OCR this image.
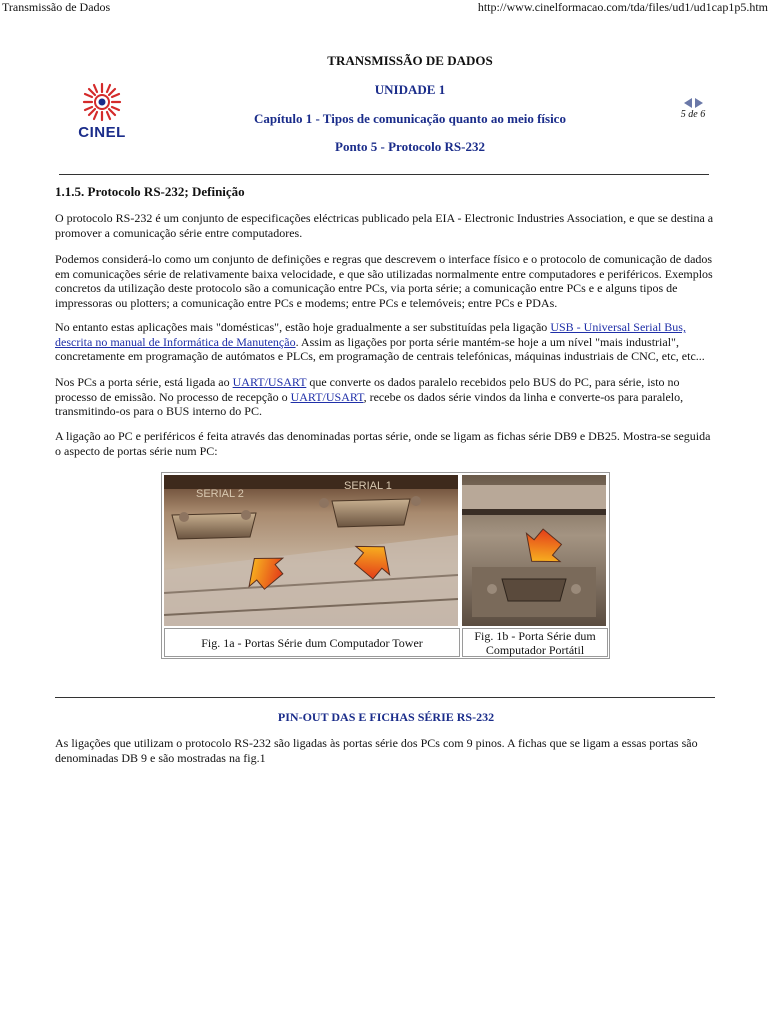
Transmissão de Dados	http://www.cinelformacao.com/tda/files/ud1/ud1cap1p5.htm
CINEL
TRANSMISSÃO DE DADOS
UNIDADE 1
Capítulo 1 - Tipos de comunicação quanto ao meio físico
Ponto 5 - Protocolo RS-232
5 de 6
1.1.5. Protocolo RS-232; Definição

O protocolo RS-232 é um conjunto de especificações eléctricas publicado pela EIA - Electronic Industries Association, e que se destina a promover a comunicação série entre computadores.

Podemos considerá-lo como um conjunto de definições e regras que descrevem o interface físico e o protocolo de comunicação de dados em comunicações série de relativamente baixa velocidade, e que são utilizadas normalmente entre computadores e periféricos. Exemplos concretos da utilização deste protocolo são a comunicação entre PCs, via porta série; a comunicação entre PCs e e alguns tipos de impressoras ou plotters; a comunicação entre PCs e modems; entre PCs e telemóveis; entre PCs e PDAs.

No entanto estas aplicações mais "domésticas", estão hoje gradualmente a ser substituídas pela ligação USB - Universal Serial Bus, descrita no manual de Informática de Manutenção. Assim as ligações por porta série mantém-se hoje a um nível "mais industrial", concretamente em programação de autómatos e PLCs, em programação de centrais telefónicas, máquinas industriais de CNC, etc, etc...

Nos PCs a porta série, está ligada ao UART/USART que converte os dados paralelo recebidos pelo BUS do PC, para série, isto no processo de emissão. No processo de recepção o UART/USART, recebe os dados série vindos da linha e converte-os para paralelo, transmitindo-os para o BUS interno do PC.

A ligação ao PC e periféricos é feita através das denominadas portas série, onde se ligam as fichas série DB9 e DB25. Mostra-se seguida o aspecto de portas série num PC:

SERIAL 2
SERIAL 1
Fig. 1a - Portas Série dum Computador Tower	Fig. 1b - Porta Série dum Computador Portátil
PIN-OUT DAS E FICHAS SÉRIE RS-232

As ligações que utilizam o protocolo RS-232 são ligadas às portas série dos PCs com 9 pinos. A fichas que se ligam a essas portas são denominadas DB 9 e são mostradas na fig.1
